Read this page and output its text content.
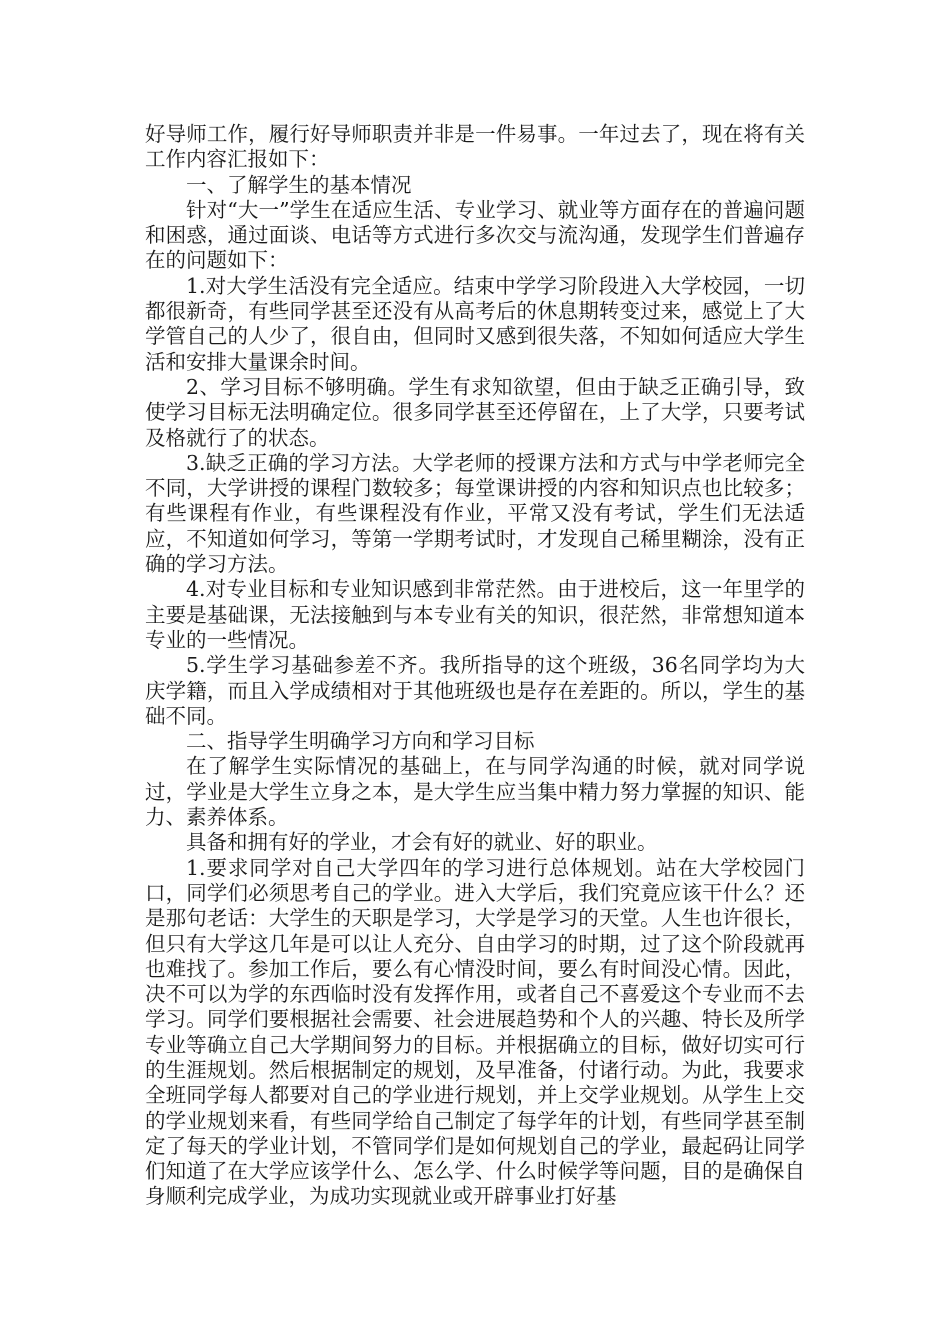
好导师工作，履行好导师职责并非是一件易事。一年过去了，现在将有关工作内容汇报如下：

一、了解学生的基本情况

针对“大一”学生在适应生活、专业学习、就业等方面存在的普遍问题和困惑，通过面谈、电话等方式进行多次交与流沟通，发现学生们普遍存在的问题如下：

1.对大学生活没有完全适应。结束中学学习阶段进入大学校园，一切都很新奇，有些同学甚至还没有从高考后的休息期转变过来，感觉上了大学管自己的人少了，很自由，但同时又感到很失落，不知如何适应大学生活和安排大量课余时间。

2、学习目标不够明确。学生有求知欲望，但由于缺乏正确引导，致使学习目标无法明确定位。很多同学甚至还停留在，上了大学，只要考试及格就行了的状态。

3.缺乏正确的学习方法。大学老师的授课方法和方式与中学老师完全不同，大学讲授的课程门数较多；每堂课讲授的内容和知识点也比较多；有些课程有作业，有些课程没有作业，平常又没有考试，学生们无法适应，不知道如何学习，等第一学期考试时，才发现自己稀里糊涂，没有正确的学习方法。

4.对专业目标和专业知识感到非常茫然。由于进校后，这一年里学的主要是基础课，无法接触到与本专业有关的知识，很茫然，非常想知道本专业的一些情况。

5.学生学习基础参差不齐。我所指导的这个班级，36名同学均为大庆学籍，而且入学成绩相对于其他班级也是存在差距的。所以，学生的基础不同。

二、指导学生明确学习方向和学习目标

在了解学生实际情况的基础上，在与同学沟通的时候，就对同学说过，学业是大学生立身之本，是大学生应当集中精力努力掌握的知识、能力、素养体系。

具备和拥有好的学业，才会有好的就业、好的职业。

1.要求同学对自己大学四年的学习进行总体规划。站在大学校园门口，同学们必须思考自己的学业。进入大学后，我们究竟应该干什么？还是那句老话：大学生的天职是学习，大学是学习的天堂。人生也许很长，但只有大学这几年是可以让人充分、自由学习的时期，过了这个阶段就再也难找了。参加工作后，要么有心情没时间，要么有时间没心情。因此，决不可以为学的东西临时没有发挥作用，或者自己不喜爱这个专业而不去学习。同学们要根据社会需要、社会进展趋势和个人的兴趣、特长及所学专业等确立自己大学期间努力的目标。并根据确立的目标，做好切实可行的生涯规划。然后根据制定的规划，及早准备，付诸行动。为此，我要求全班同学每人都要对自己的学业进行规划，并上交学业规划。从学生上交的学业规划来看，有些同学给自己制定了每学年的计划，有些同学甚至制定了每天的学业计划，不管同学们是如何规划自己的学业，最起码让同学们知道了在大学应该学什么、怎么学、什么时候学等问题，目的是确保自身顺利完成学业，为成功实现就业或开辟事业打好基
